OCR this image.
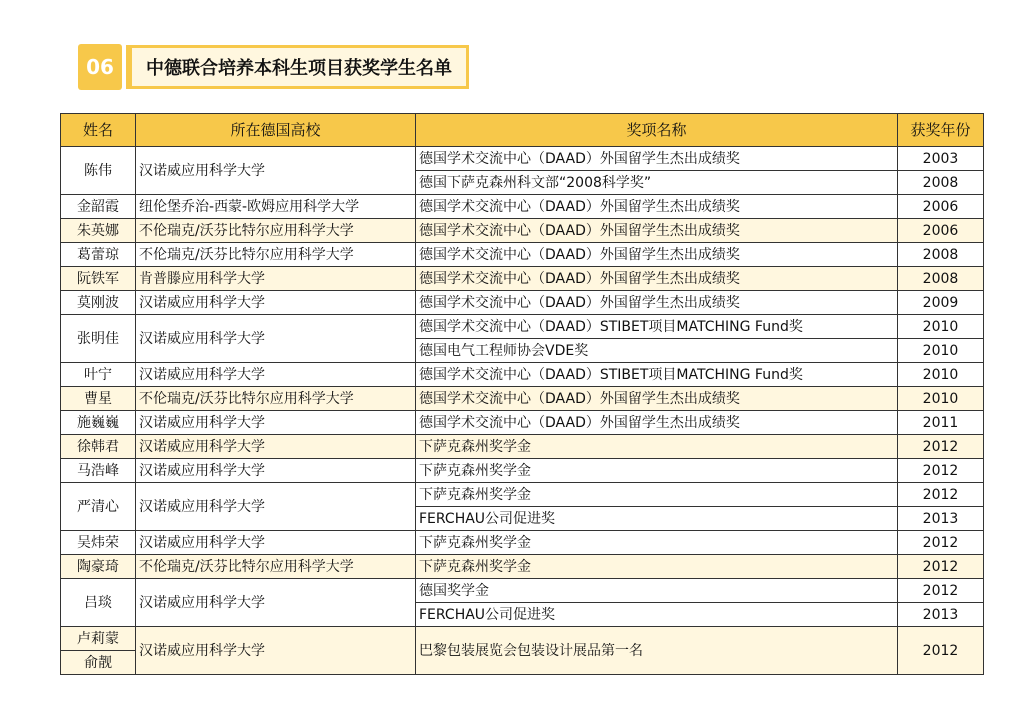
06	中德联合培养本科生项目获奖学生名单
姓名	所在德国高校	奖项名称	获奖年份
陈伟	汉诺威应用科学大学	德国学术交流中心（DAAD）外国留学生杰出成绩奖	2003
		德国下萨克森州科文部“2008科学奖”	2008
金韶霞	纽伦堡乔治-西蒙-欧姆应用科学大学	德国学术交流中心（DAAD）外国留学生杰出成绩奖	2006
朱英娜	不伦瑞克/沃芬比特尔应用科学大学	德国学术交流中心（DAAD）外国留学生杰出成绩奖	2006
葛蕾琼	不伦瑞克/沃芬比特尔应用科学大学	德国学术交流中心（DAAD）外国留学生杰出成绩奖	2008
阮铁军	肯普滕应用科学大学	德国学术交流中心（DAAD）外国留学生杰出成绩奖	2008
莫刚波	汉诺威应用科学大学	德国学术交流中心（DAAD）外国留学生杰出成绩奖	2009
张明佳	汉诺威应用科学大学	德国学术交流中心（DAAD）STIBET项目MATCHING Fund奖	2010
		德国电气工程师协会VDE奖	2010
叶宁	汉诺威应用科学大学	德国学术交流中心（DAAD）STIBET项目MATCHING Fund奖	2010
曹星	不伦瑞克/沃芬比特尔应用科学大学	德国学术交流中心（DAAD）外国留学生杰出成绩奖	2010
施巍巍	汉诺威应用科学大学	德国学术交流中心（DAAD）外国留学生杰出成绩奖	2011
徐韩君	汉诺威应用科学大学	下萨克森州奖学金	2012
马浩峰	汉诺威应用科学大学	下萨克森州奖学金	2012
严清心	汉诺威应用科学大学	下萨克森州奖学金	2012
		FERCHAU公司促进奖	2013
吴炜荣	汉诺威应用科学大学	下萨克森州奖学金	2012
陶豪琦	不伦瑞克/沃芬比特尔应用科学大学	下萨克森州奖学金	2012
吕琰	汉诺威应用科学大学	德国奖学金	2012
		FERCHAU公司促进奖	2013
卢莉蒙	汉诺威应用科学大学	巴黎包装展览会包装设计展品第一名	2012
俞靓			
